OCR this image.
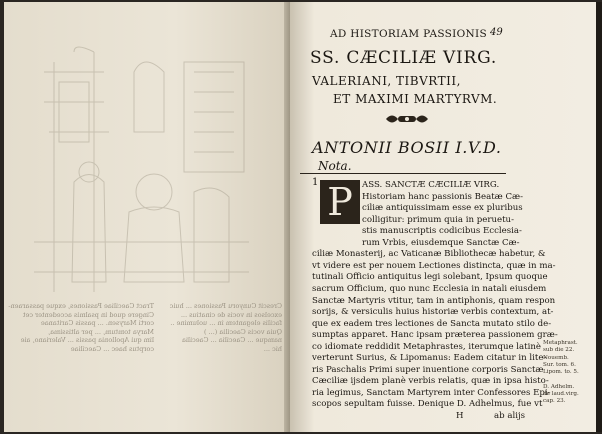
Tract Caeciliae Passiones, exque passaraen-
Cingere quod in psalmis accedenter cet
corti Marysen. ... passis Caritanae
Marya tomtum, ... per altissima,
lim qui Apollonia passis ... Valeriano, aie
corptus haec ... Caeciliae
Crescit Cunyoru Passiones ... huic
excelsos in vocis de cinatius ...
facilis elegantem in ... uolumine ..
Quia vocis Caecilia (... )
namque ... Caecilia ... Caecilia
hic ...
AD HISTORIAM PASSIONIS 49
SS. CÆCILIÆ VIRG.
VALERIANI, TIBVRTII,
ET MAXIMI MARTYRVM.
ANTONII BOSII I.V.D.
Nota.
1 P	ASS. SANCTÆ CÆCILIÆ VIRG.
Historiam hanc passionis Beatæ Cæ-
ciliæ antiquissimam esse ex pluribus
colligitur: primum quia in peruetu-
stis manuscriptis codicibus Ecclesia-
rum Vrbis, eiusdemque Sanctæ Cæ-
ciliæ Monasterij, ac Vaticanæ Bibliothecæ habetur, &
vt videre est per nouem Lectiones distincta, quæ in ma-
tutinali Officio antiquitus legi solebant, Ipsum quoque
sacrum Officium, quo nunc Ecclesia in natali eiusdem
Sanctæ Martyris vtitur, tam in antiphonis, quam respon
sorijs, & versiculis huius historiæ verbis contextum, at-
que ex eadem tres lectiones de Sancta mutato stilo de-
sumptas apparet. Hanc ipsam præterea passionem græ-
co idiomate reddidit Metaphrastes, iterumque latinè
verterunt Surius, & Lipomanus: Eadem citatur in lite-
ris Paschalis Primi super inuentione corporis Sanctæ
Cæciliæ ijsdem planè verbis relatis, quæ in ipsa histo-
ria legimus, Sanctam Martyrem inter Confessores Epi-
scopos sepultam fuisse. Denique D. Adhelmus, fue vt
Metaphrast.
sub die 22.
Nouemb.
Sur. tom. 6.
Lipom. to. 5.
D. Adhelm.
de laud.virg.
cap. 23.
H	ab alijs
